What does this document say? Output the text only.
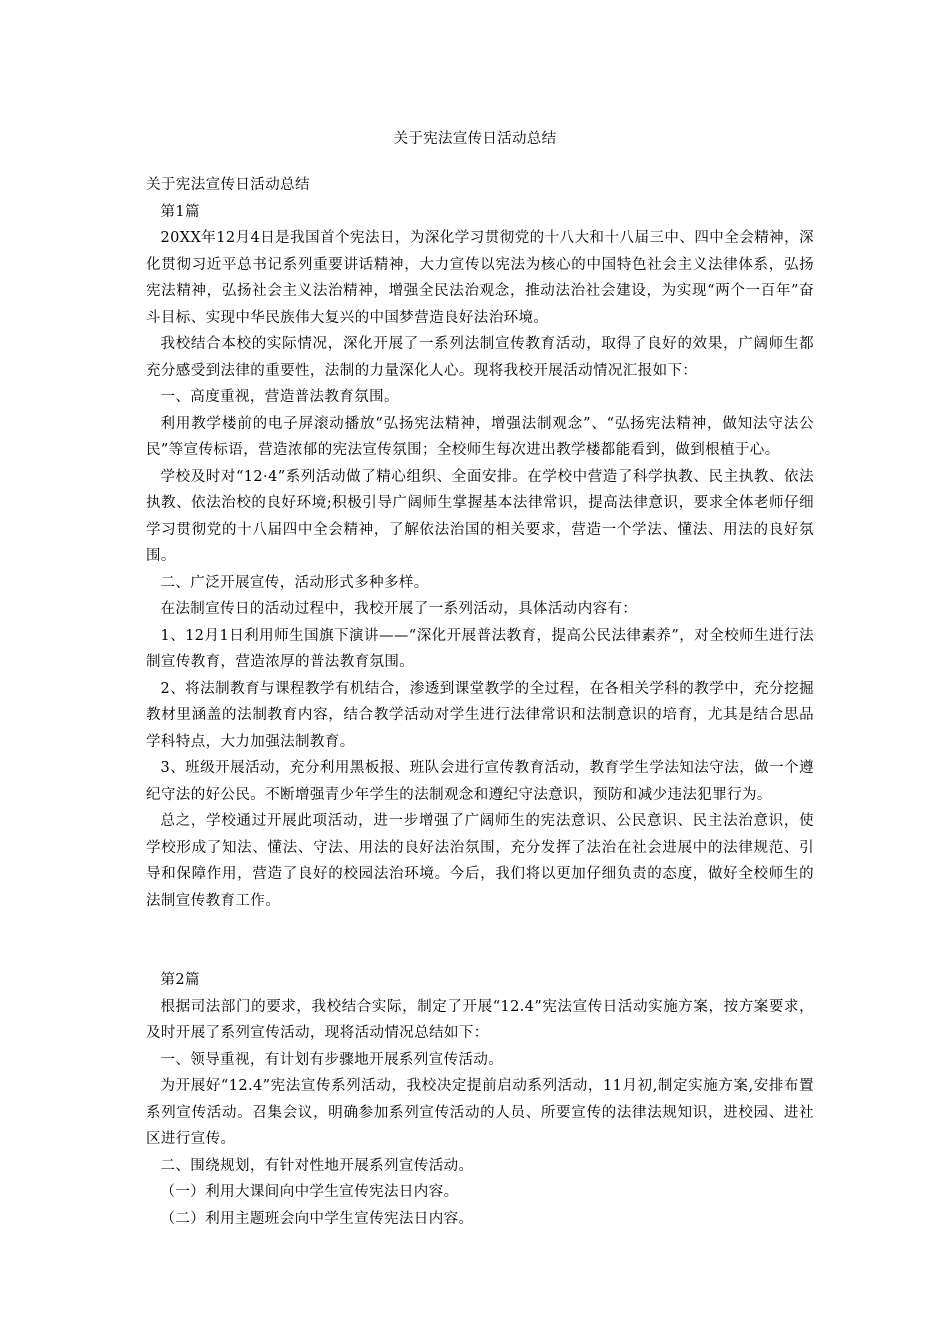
关于宪法宣传日活动总结

关于宪法宣传日活动总结

第1篇

20XX年12月4日是我国首个宪法日，为深化学习贯彻党的十八大和十八届三中、四中全会精神，深化贯彻习近平总书记系列重要讲话精神，大力宣传以宪法为核心的中国特色社会主义法律体系，弘扬宪法精神，弘扬社会主义法治精神，增强全民法治观念，推动法治社会建设，为实现“两个一百年”奋斗目标、实现中华民族伟大复兴的中国梦营造良好法治环境。

我校结合本校的实际情况，深化开展了一系列法制宣传教育活动，取得了良好的效果，广阔师生都充分感受到法律的重要性，法制的力量深化人心。现将我校开展活动情况汇报如下：

一、高度重视，营造普法教育氛围。

利用教学楼前的电子屏滚动播放“弘扬宪法精神，增强法制观念”、“弘扬宪法精神，做知法守法公民”等宣传标语，营造浓郁的宪法宣传氛围；全校师生每次进出教学楼都能看到，做到根植于心。

学校及时对“12·4”系列活动做了精心组织、全面安排。在学校中营造了科学执教、民主执教、依法执教、依法治校的良好环境;积极引导广阔师生掌握基本法律常识，提高法律意识，要求全体老师仔细学习贯彻党的十八届四中全会精神，了解依法治国的相关要求，营造一个学法、懂法、用法的良好氛围。

二、广泛开展宣传，活动形式多种多样。

在法制宣传日的活动过程中，我校开展了一系列活动，具体活动内容有：

1、12月1日利用师生国旗下演讲——“深化开展普法教育，提高公民法律素养”，对全校师生进行法制宣传教育，营造浓厚的普法教育氛围。

2、将法制教育与课程教学有机结合，渗透到课堂教学的全过程，在各相关学科的教学中，充分挖掘教材里涵盖的法制教育内容，结合教学活动对学生进行法律常识和法制意识的培育，尤其是结合思品学科特点，大力加强法制教育。

3、班级开展活动，充分利用黑板报、班队会进行宣传教育活动，教育学生学法知法守法，做一个遵纪守法的好公民。不断增强青少年学生的法制观念和遵纪守法意识，预防和减少违法犯罪行为。

总之，学校通过开展此项活动，进一步增强了广阔师生的宪法意识、公民意识、民主法治意识，使学校形成了知法、懂法、守法、用法的良好法治氛围，充分发挥了法治在社会进展中的法律规范、引导和保障作用，营造了良好的校园法治环境。今后，我们将以更加仔细负责的态度，做好全校师生的法制宣传教育工作。

第2篇

根据司法部门的要求，我校结合实际，制定了开展“12.4”宪法宣传日活动实施方案，按方案要求，及时开展了系列宣传活动，现将活动情况总结如下：

一、领导重视，有计划有步骤地开展系列宣传活动。

为开展好“12.4”宪法宣传系列活动，我校决定提前启动系列活动，11月初,制定实施方案,安排布置系列宣传活动。召集会议，明确参加系列宣传活动的人员、所要宣传的法律法规知识，进校园、进社区进行宣传。

二、围绕规划，有针对性地开展系列宣传活动。

（一）利用大课间向中学生宣传宪法日内容。

（二）利用主题班会向中学生宣传宪法日内容。
